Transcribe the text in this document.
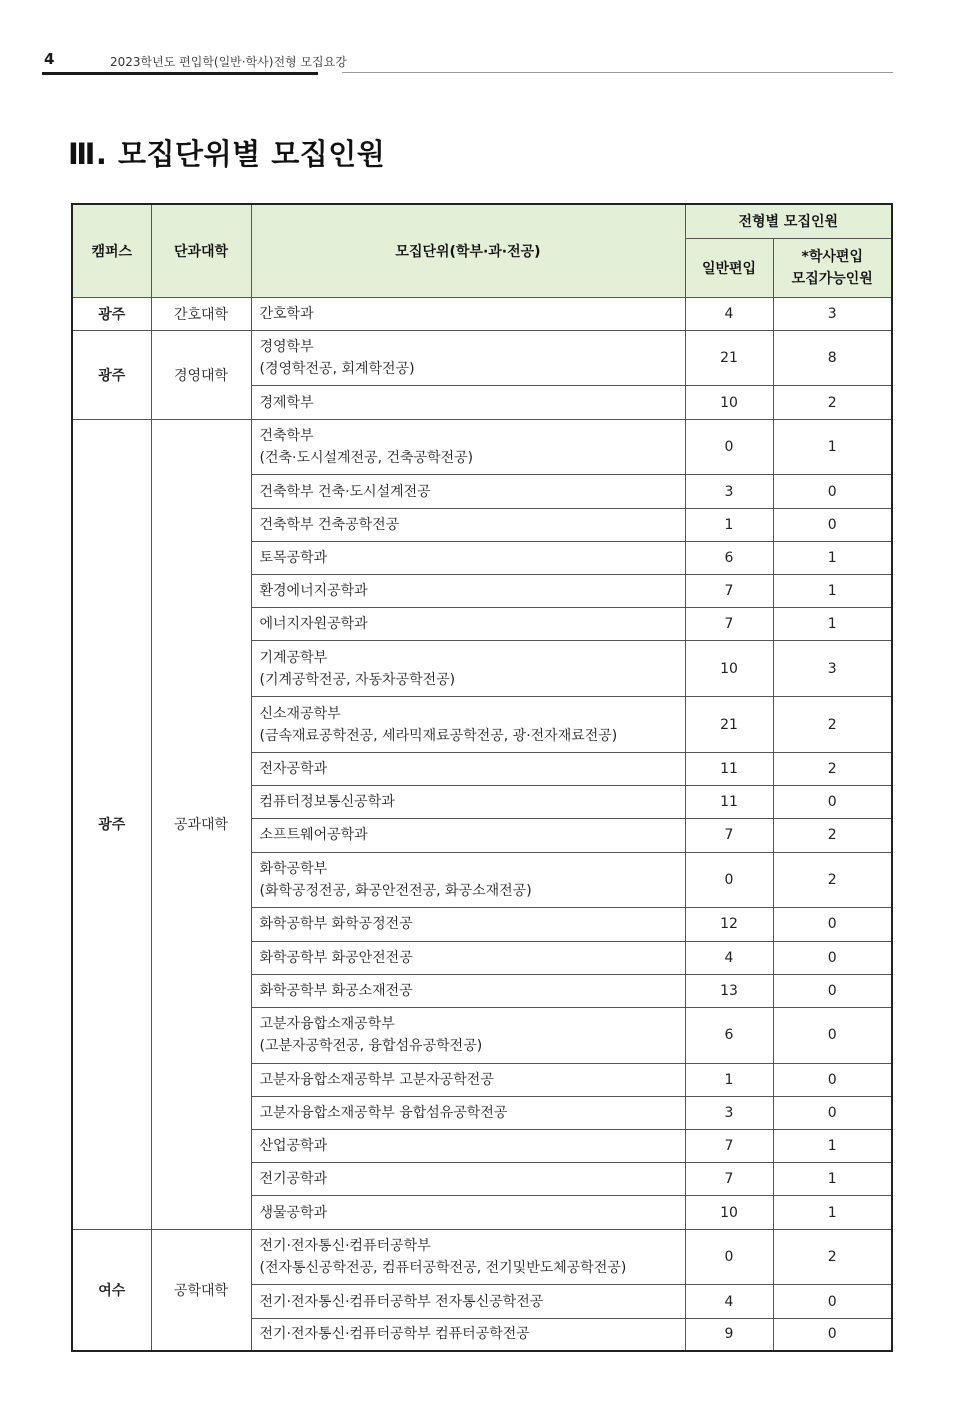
4	2023학년도 편입학(일반·학사)전형 모집요강
Ⅲ. 모집단위별 모집인원
캠퍼스	단과대학	모집단위(학부·과·전공)	전형별 모집인원	
			일반편입	*학사편입
모집가능인원

광주	간호대학	간호학과	4	3
광주	경영대학	경영학부
(경영학전공, 회계학전공)	21	8

		경제학부	10	2
광주	공과대학	건축학부
(건축·도시설계전공, 건축공학전공)	0	1

		건축학부 건축·도시설계전공	3	0

		건축학부 건축공학전공	1	0

		토목공학과	6	1

		환경에너지공학과	7	1

		에너지자원공학과	7	1

		기계공학부
(기계공학전공, 자동차공학전공)	10	3

		신소재공학부
(금속재료공학전공, 세라믹재료공학전공, 광·전자재료전공)	21	2

		전자공학과	11	2

		컴퓨터정보통신공학과	11	0

		소프트웨어공학과	7	2

		화학공학부
(화학공정전공, 화공안전전공, 화공소재전공)	0	2

		화학공학부 화학공정전공	12	0

		화학공학부 화공안전전공	4	0

		화학공학부 화공소재전공	13	0

		고분자융합소재공학부
(고분자공학전공, 융합섬유공학전공)	6	0

		고분자융합소재공학부 고분자공학전공	1	0

		고분자융합소재공학부 융합섬유공학전공	3	0

		산업공학과	7	1

		전기공학과	7	1

		생물공학과	10	1
여수	공학대학	전기·전자통신·컴퓨터공학부
(전자통신공학전공, 컴퓨터공학전공, 전기및반도체공학전공)	0	2

		전기·전자통신·컴퓨터공학부 전자통신공학전공	4	0

		전기·전자통신·컴퓨터공학부 컴퓨터공학전공	9	0
